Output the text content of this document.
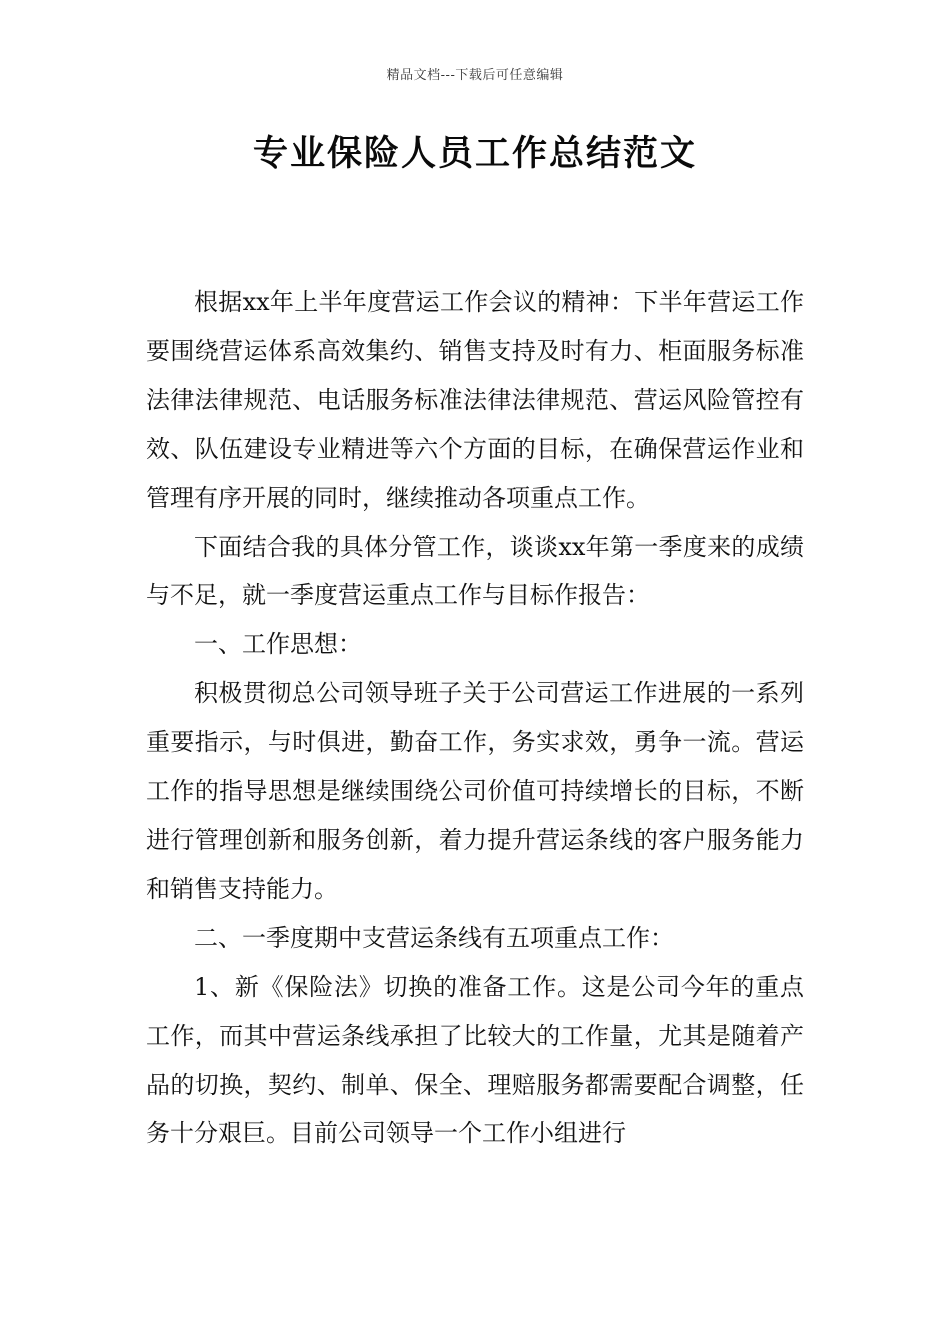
精品文档---下载后可任意编辑
专业保险人员工作总结范文

根据xx年上半年度营运工作会议的精神：下半年营运工作要围绕营运体系高效集约、销售支持及时有力、柜面服务标准法律法律规范、电话服务标准法律法律规范、营运风险管控有效、队伍建设专业精进等六个方面的目标，在确保营运作业和管理有序开展的同时，继续推动各项重点工作。

下面结合我的具体分管工作，谈谈xx年第一季度来的成绩与不足，就一季度营运重点工作与目标作报告：

一、工作思想：

积极贯彻总公司领导班子关于公司营运工作进展的一系列重要指示，与时俱进，勤奋工作，务实求效，勇争一流。营运工作的指导思想是继续围绕公司价值可持续增长的目标，不断进行管理创新和服务创新，着力提升营运条线的客户服务能力和销售支持能力。

二、一季度期中支营运条线有五项重点工作：

1、新《保险法》切换的准备工作。这是公司今年的重点工作，而其中营运条线承担了比较大的工作量，尤其是随着产品的切换，契约、制单、保全、理赔服务都需要配合调整，任务十分艰巨。目前公司领导一个工作小组进行
